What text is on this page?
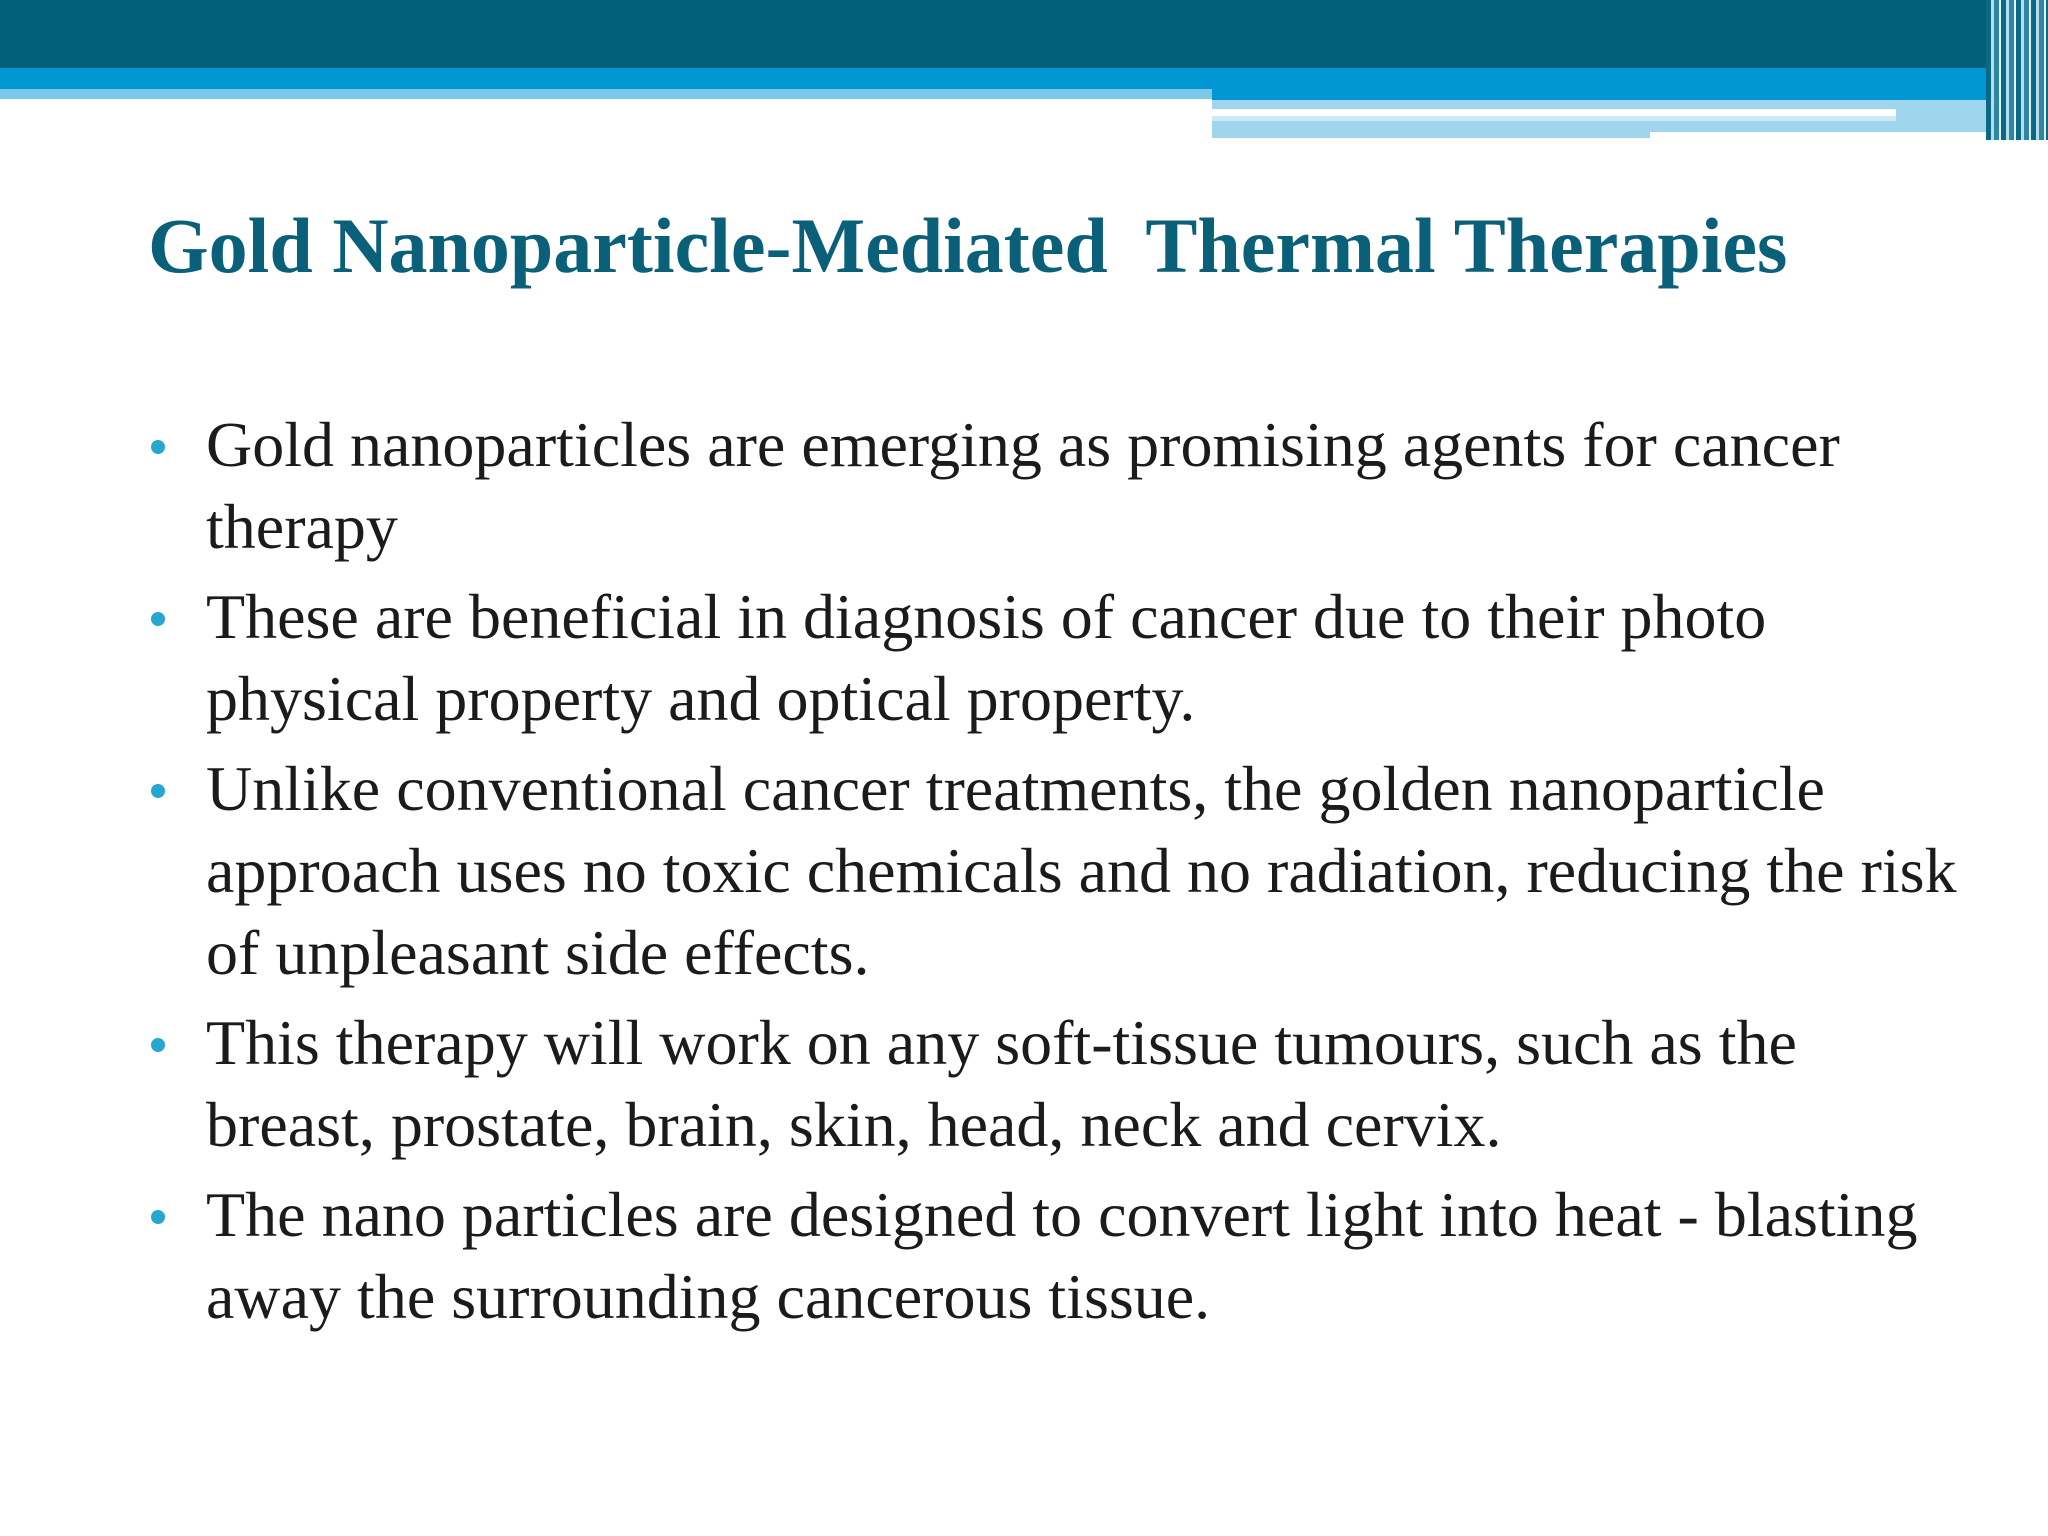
Gold Nanoparticle-Mediated  Thermal Therapies
Gold nanoparticles are emerging as promising agents for cancer therapy
These are beneficial in diagnosis of cancer due to their photo physical property and optical property.
Unlike conventional cancer treatments, the golden nanoparticle approach uses no toxic chemicals and no radiation, reducing the risk of unpleasant side effects.
This therapy will work on any soft-tissue tumours, such as the breast, prostate, brain, skin, head, neck and cervix.
The nano particles are designed to convert light into heat - blasting away the surrounding cancerous tissue.
